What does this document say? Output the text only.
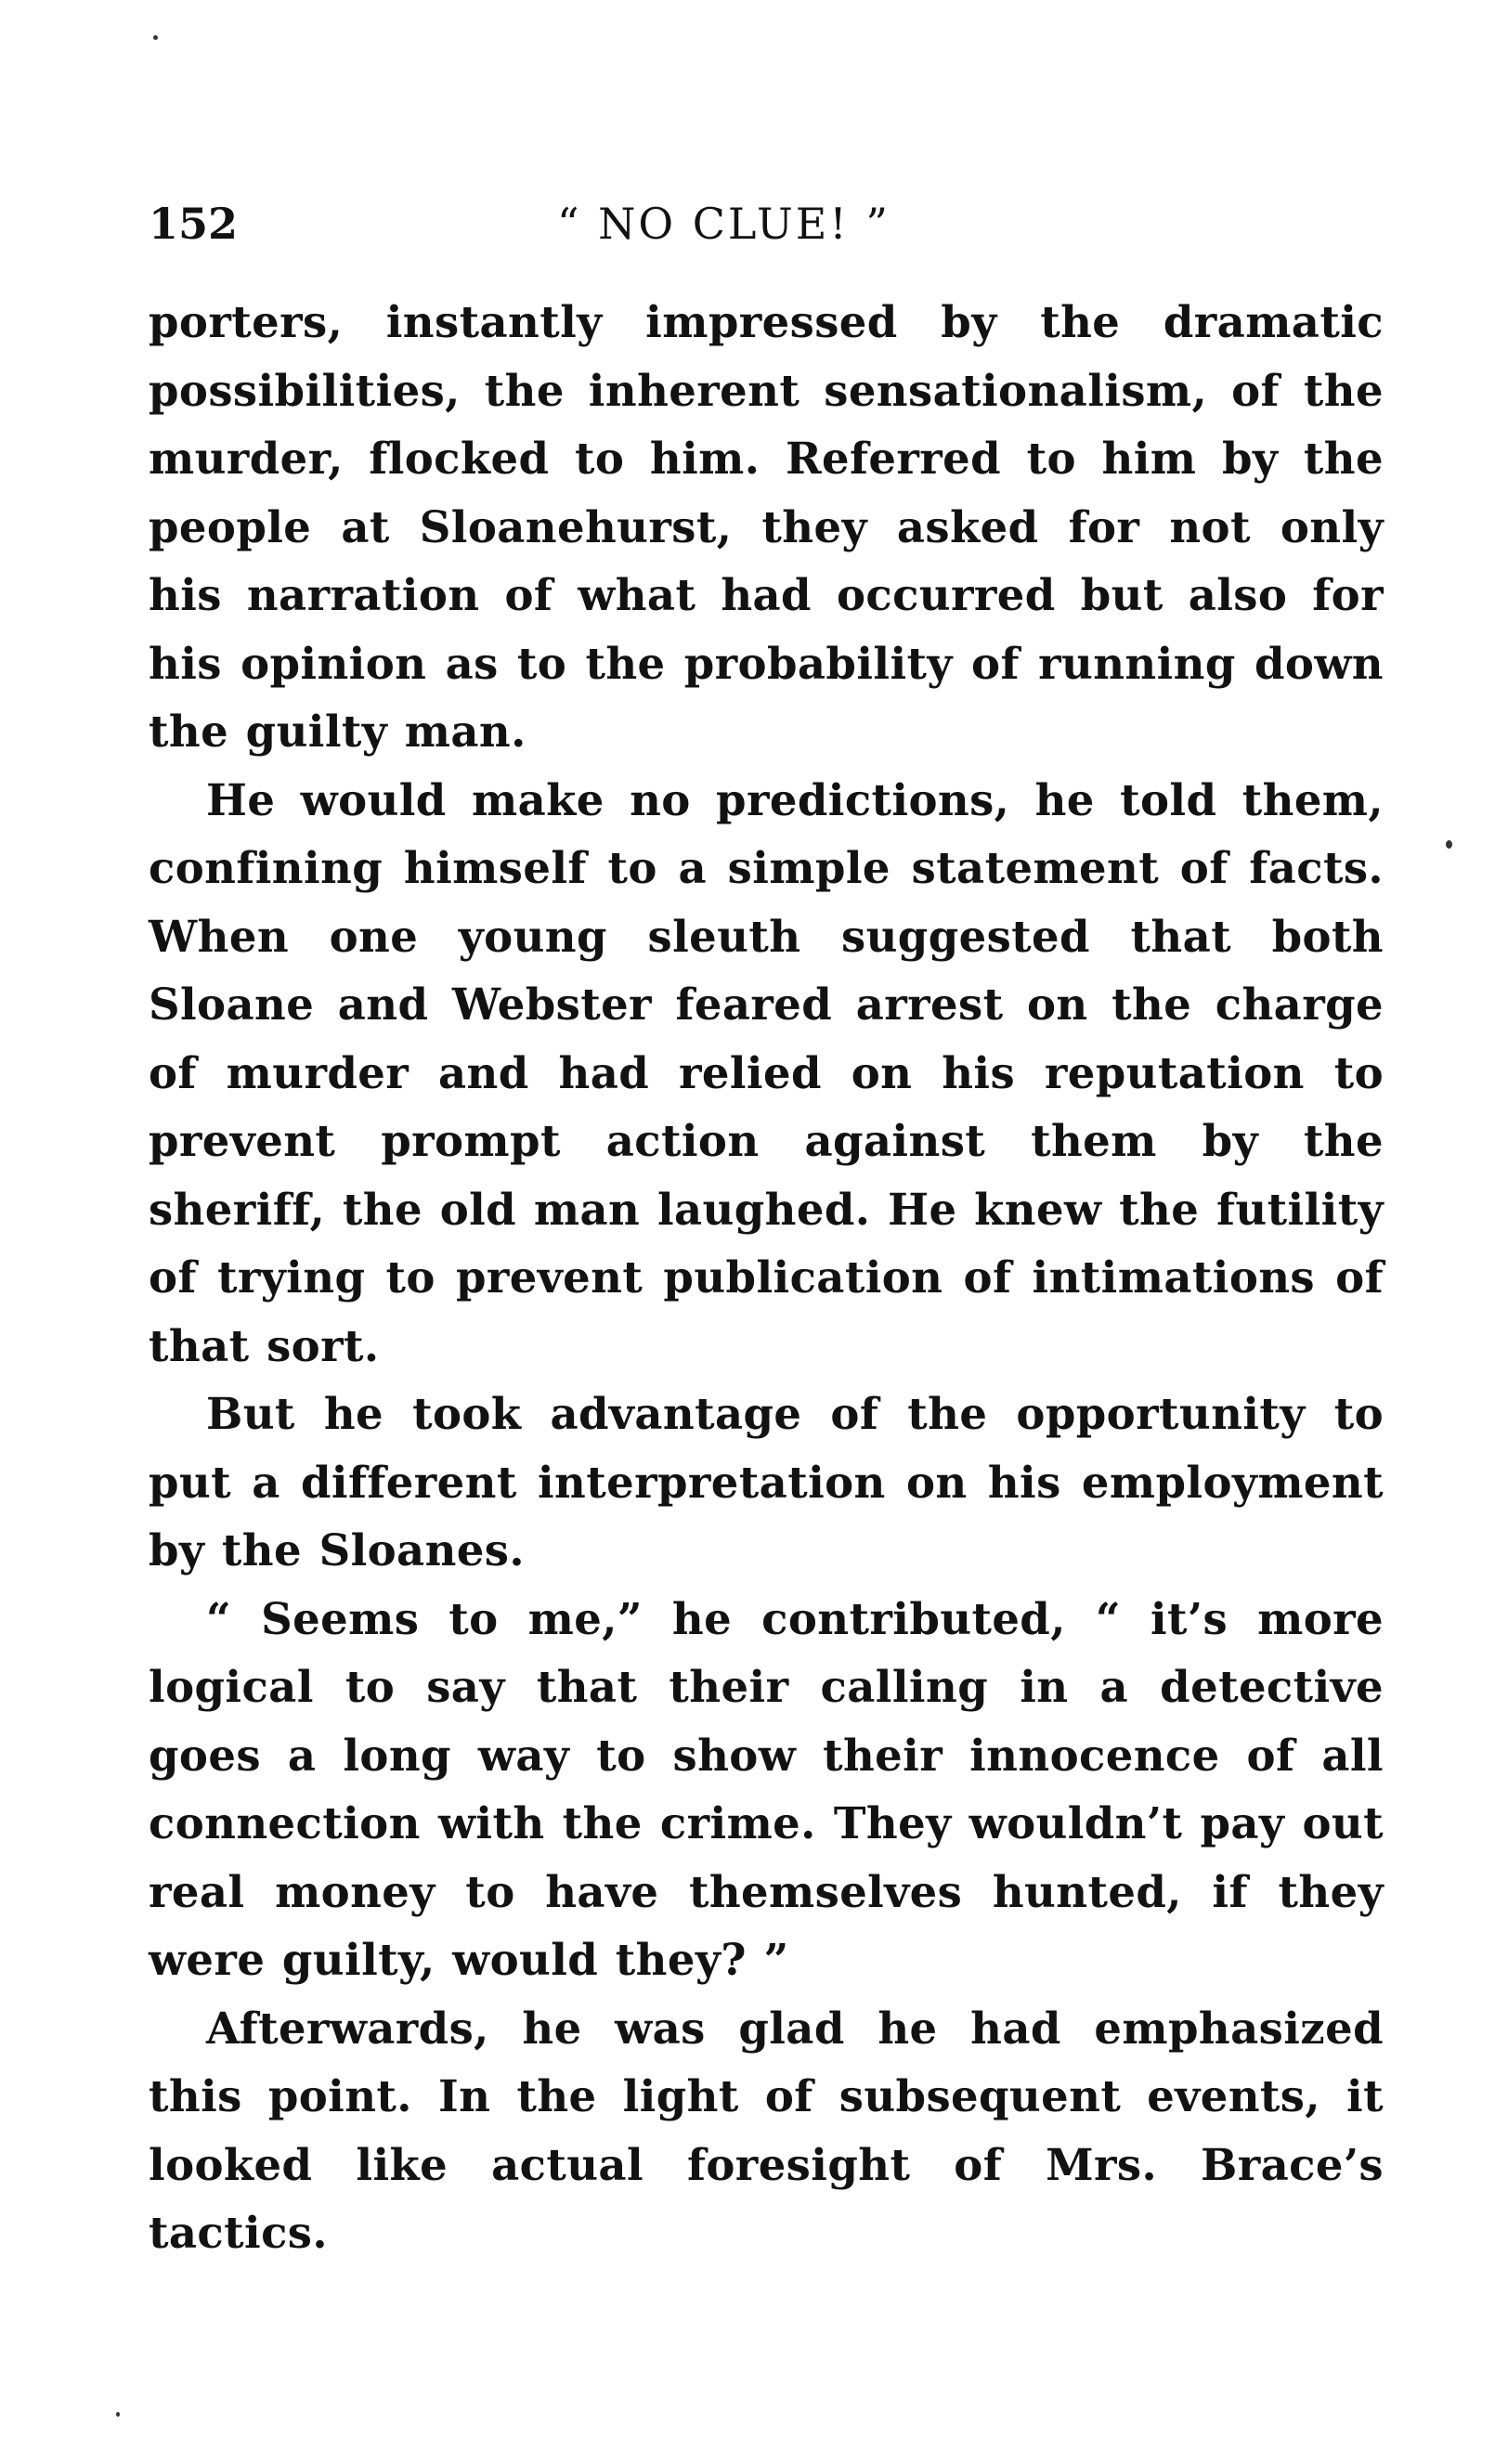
152	“ NO CLUE! ”

porters, instantly impressed by the dramatic possibilities, the inherent sensationalism, of the murder, flocked to him. Referred to him by the people at Sloanehurst, they asked for not only his narration of what had occurred but also for his opinion as to the probability of running down the guilty man.

He would make no predictions, he told them, confining himself to a simple statement of facts. When one young sleuth suggested that both Sloane and Webster feared arrest on the charge of murder and had relied on his reputation to prevent prompt action against them by the sheriff, the old man laughed. He knew the futility of trying to prevent publication of intimations of that sort.

But he took advantage of the opportunity to put a different interpretation on his employment by the Sloanes.

“ Seems to me,” he contributed, “ it’s more logical to say that their calling in a detective goes a long way to show their innocence of all connection with the crime. They wouldn’t pay out real money to have themselves hunted, if they were guilty, would they? ”

Afterwards, he was glad he had emphasized this point. In the light of subsequent events, it looked like actual foresight of Mrs. Brace’s tactics.
